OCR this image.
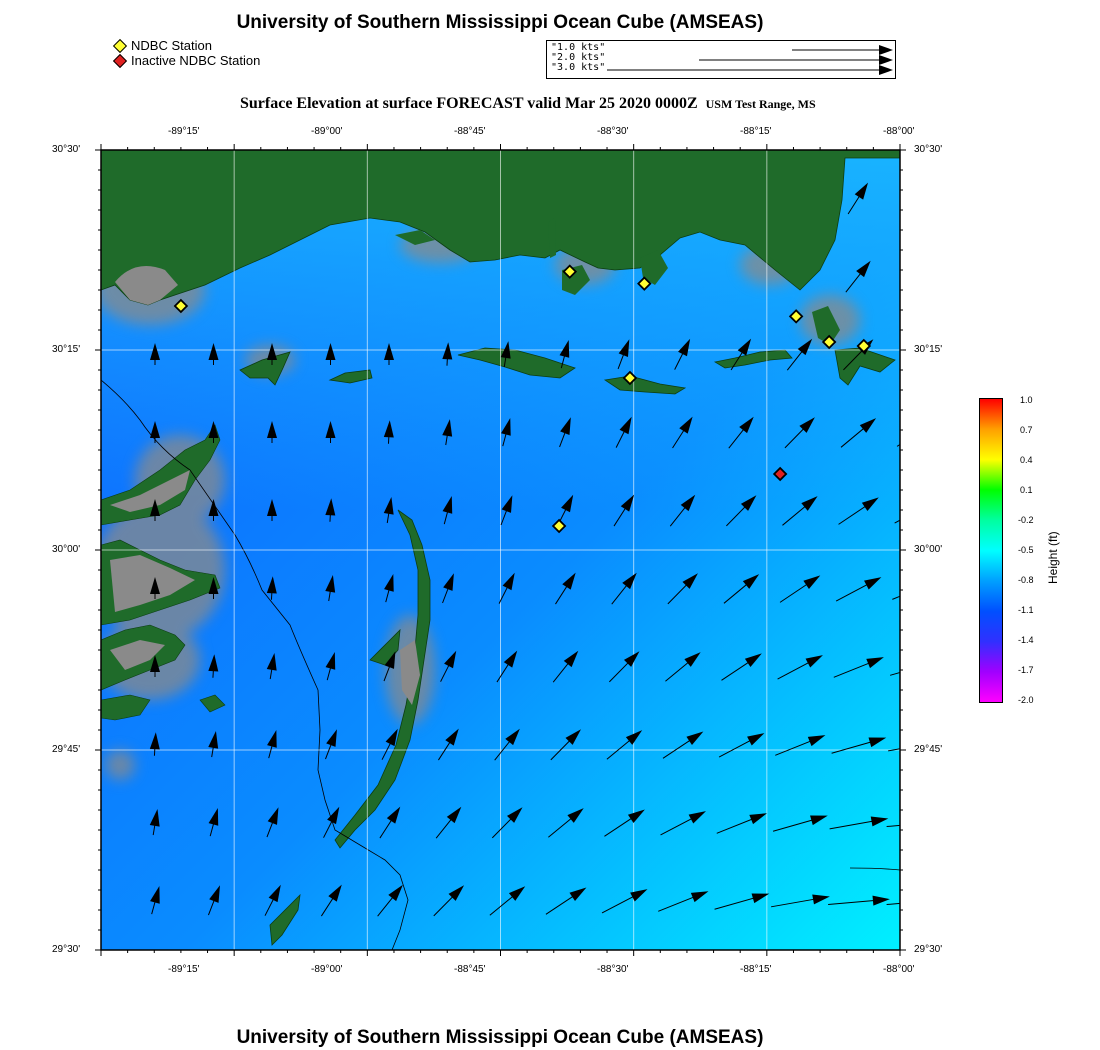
University of Southern Mississippi Ocean Cube (AMSEAS)
NDBC Station
Inactive NDBC Station
"1.0 kts"
"2.0 kts"
"3.0 kts"
Surface Elevation at surface FORECAST valid Mar 25 2020 0000Z USM Test Range, MS
-89°15'	-89°00'	-88°45'	-88°30'	-88°15'	-88°00'
-89°15'	-89°00'	-88°45'	-88°30'	-88°15'	-88°00'
30°30'
30°15'
30°00'
29°45'
29°30'
30°30'
30°15'
30°00'
29°45'
29°30'
1.0
0.7
0.4
0.1
-0.2
-0.5
-0.8
-1.1
-1.4
-1.7
-2.0
Height (ft)
University of Southern Mississippi Ocean Cube (AMSEAS)
